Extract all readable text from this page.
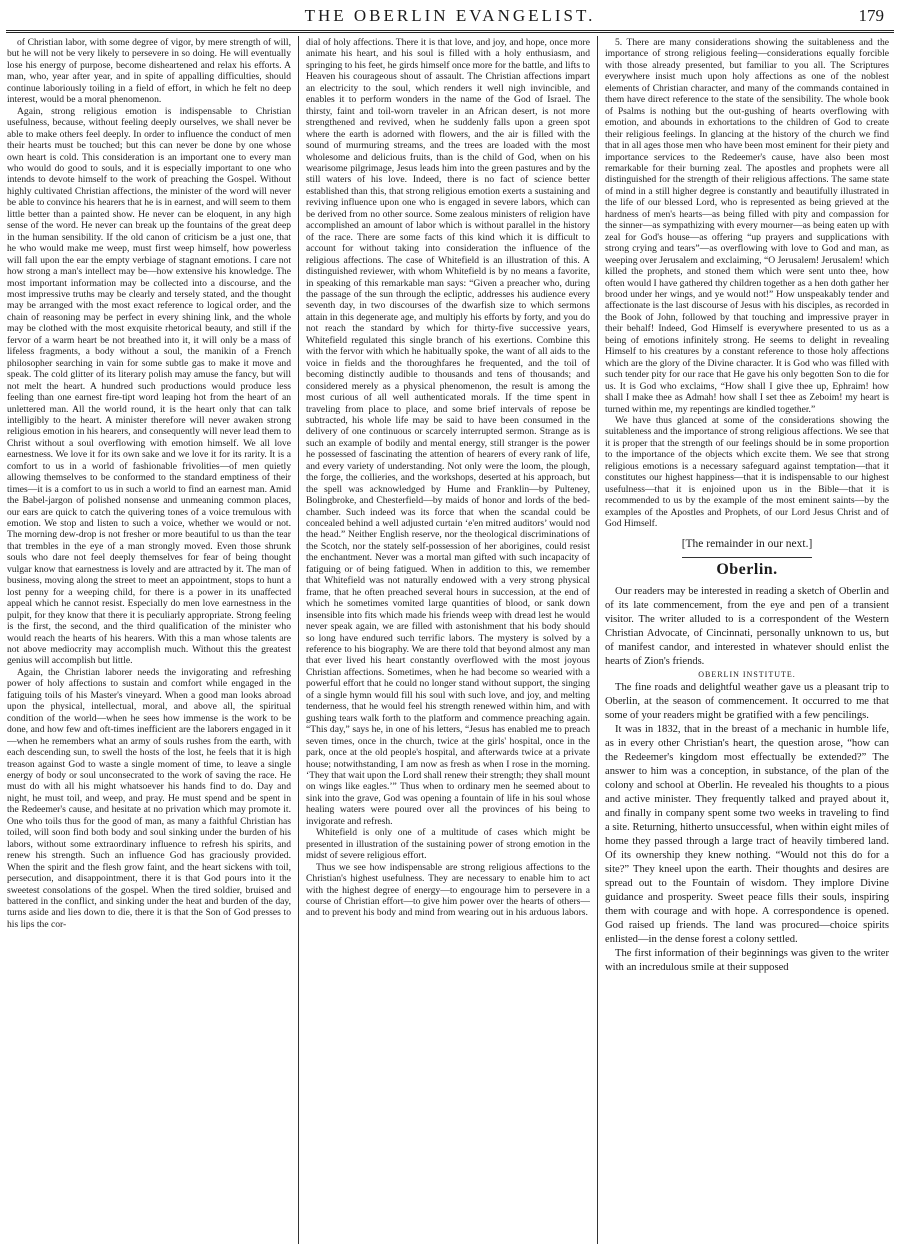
THE OBERLIN EVANGELIST.	179

of Christian labor, with some degree of vigor, by mere strength of will, but he will not be very likely to persevere in so doing. He will eventually lose his energy of purpose, become disheartened and relax his efforts. A man, who, year after year, and in spite of appalling difficulties, should continue laboriously toiling in a field of effort, in which he felt no deep interest, would be a moral phenomenon.

Again, strong religious emotion is indispensable to Christian usefulness, because, without feeling deeply ourselves, we shall never be able to make others feel deeply. In order to influence the conduct of men their hearts must be touched; but this can never be done by one whose own heart is cold. This consideration is an important one to every man who would do good to souls, and it is especially important to one who intends to devote himself to the work of preaching the Gospel. Without highly cultivated Christian affections, the minister of the word will never be able to convince his hearers that he is in earnest, and will seem to them little better than a painted show. He never can be eloquent, in any high sense of the word. He never can break up the fountains of the great deep in the human sensibility. If the old canon of criticism be a just one, that he who would make me weep, must first weep himself, how powerless will fall upon the ear the empty verbiage of stagnant emotions. I care not how strong a man's intellect may be—how extensive his knowledge. The most important information may be collected into a discourse, and the most impressive truths may be clearly and tersely stated, and the thought may be arranged with the most exact reference to logical order, and the chain of reasoning may be perfect in every shining link, and the whole may be clothed with the most exquisite rhetorical beauty, and still if the fervor of a warm heart be not breathed into it, it will only be a mass of lifeless fragments, a body without a soul, the manikin of a French philosopher searching in vain for some subtle gas to make it move and speak. The cold glitter of its literary polish may amuse the fancy, but will not melt the heart. A hundred such productions would produce less feeling than one earnest fire-tipt word leaping hot from the heart of an unlettered man. All the world round, it is the heart only that can talk intelligibly to the heart. A minister therefore will never awaken strong religious emotion in his hearers, and consequently will never lead them to Christ without a soul overflowing with emotion himself. We all love earnestness. We love it for its own sake and we love it for its rarity. It is a comfort to us in a world of fashionable frivolities—of men quietly allowing themselves to be conformed to the standard emptiness of their times—it is a comfort to us in such a world to find an earnest man. Amid the Babel-jargon of polished nonsense and unmeaning common places, our ears are quick to catch the quivering tones of a voice tremulous with emotion. We stop and listen to such a voice, whether we would or not. The morning dew-drop is not fresher or more beautiful to us than the tear that trembles in the eye of a man strongly moved. Even those shrunk souls who dare not feel deeply themselves for fear of being thought vulgar know that earnestness is lovely and are attracted by it. The man of business, moving along the street to meet an appointment, stops to hunt a lost penny for a weeping child, for there is a power in its unaffected appeal which he cannot resist. Especially do men love earnestness in the pulpit, for they know that there it is peculiarly appropriate. Strong feeling is the first, the second, and the third qualification of the minister who would reach the hearts of his hearers. With this a man whose talents are not above mediocrity may accomplish much. Without this the greatest genius will accomplish but little.

Again, the Christian laborer needs the invigorating and refreshing power of holy affections to sustain and comfort while engaged in the fatiguing toils of his Master's vineyard. When a good man looks abroad upon the physical, intellectual, moral, and above all, the spiritual condition of the world—when he sees how immense is the work to be done, and how few and oft-times inefficient are the laborers engaged in it—when he remembers what an army of souls rushes from the earth, with each descending sun, to swell the hosts of the lost, he feels that it is high treason against God to waste a single moment of time, to leave a single energy of body or soul unconsecrated to the work of saving the race. He must do with all his might whatsoever his hands find to do. Day and night, he must toil, and weep, and pray. He must spend and be spent in the Redeemer's cause, and hesitate at no privation which may promote it. One who toils thus for the good of man, as many a faithful Christian has toiled, will soon find both body and soul sinking under the burden of his labors, without some extraordinary influence to refresh his spirits, and renew his strength. Such an influence God has graciously provided. When the spirit and the flesh grow faint, and the heart sickens with toil, persecution, and disappointment, there it is that God pours into it the sweetest consolations of the gospel. When the tired soldier, bruised and battered in the conflict, and sinking under the heat and burden of the day, turns aside and lies down to die, there it is that the Son of God presses to his lips the cor-

dial of holy affections. There it is that love, and joy, and hope, once more animate his heart, and his soul is filled with a holy enthusiasm, and springing to his feet, he girds himself once more for the battle, and lifts to Heaven his courageous shout of assault. The Christian affections impart an electricity to the soul, which renders it well nigh invincible, and enables it to perform wonders in the name of the God of Israel. The thirsty, faint and toil-worn traveler in an African desert, is not more strengthened and revived, when he suddenly falls upon a green spot where the earth is adorned with flowers, and the air is filled with the sound of murmuring streams, and the trees are loaded with the most wholesome and delicious fruits, than is the child of God, when on his wearisome pilgrimage, Jesus leads him into the green pastures and by the still waters of his love. Indeed, there is no fact of science better established than this, that strong religious emotion exerts a sustaining and reviving influence upon one who is engaged in severe labors, which can be derived from no other source. Some zealous ministers of religion have accomplished an amount of labor which is without parallel in the history of the race. There are some facts of this kind which it is difficult to account for without taking into consideration the influence of the religious affections. The case of Whitefield is an illustration of this. A distinguished reviewer, with whom Whitefield is by no means a favorite, in speaking of this remarkable man says: “Given a preacher who, during the passage of the sun through the ecliptic, addresses his audience every seventh day, in two discourses of the dwarfish size to which sermons attain in this degenerate age, and multiply his efforts by forty, and you do not reach the standard by which for thirty-five successive years, Whitefield regulated this single branch of his exertions. Combine this with the fervor with which he habitually spoke, the want of all aids to the voice in fields and the thoroughfares he frequented, and the toil of becoming distinctly audible to thousands and tens of thousands; and considered merely as a physical phenomenon, the result is among the most curious of all well authenticated morals. If the time spent in traveling from place to place, and some brief intervals of repose be subtracted, his whole life may be said to have been consumed in the delivery of one continuous or scarcely interrupted sermon. Strange as is such an example of bodily and mental energy, still stranger is the power he possessed of fascinating the attention of hearers of every rank of life, and every variety of understanding. Not only were the loom, the plough, the forge, the collieries, and the workshops, deserted at his approach, but the spell was acknowledged by Hume and Franklin—by Pulteney, Bolingbroke, and Chesterfield—by maids of honor and lords of the bed-chamber. Such indeed was its force that when the scandal could be concealed behind a well adjusted curtain ‘e'en mitred auditors’ would nod the head.” Neither English reserve, nor the theological discriminations of the Scotch, nor the stately self-possession of her aborigines, could resist the enchantment. Never was a mortal man gifted with such incapacity of fatiguing or of being fatigued. When in addition to this, we remember that Whitefield was not naturally endowed with a very strong physical frame, that he often preached several hours in succession, at the end of which he sometimes vomited large quantities of blood, or sank down insensible into fits which made his friends weep with dread lest he would never speak again, we are filled with astonishment that his body should so long have endured such terrific labors. The mystery is solved by a reference to his biography. We are there told that beyond almost any man that ever lived his heart constantly overflowed with the most joyous Christian affections. Sometimes, when he had become so wearied with a powerful effort that he could no longer stand without support, the singing of a single hymn would fill his soul with such love, and joy, and melting tenderness, that he would feel his strength renewed within him, and with gushing tears walk forth to the platform and commence preaching again. “This day,” says he, in one of his letters, “Jesus has enabled me to preach seven times, once in the church, twice at the girls' hospital, once in the park, once at the old people's hospital, and afterwards twice at a private house; notwithstanding, I am now as fresh as when I rose in the morning. ‘They that wait upon the Lord shall renew their strength; they shall mount on wings like eagles.’” Thus when to ordinary men he seemed about to sink into the grave, God was opening a fountain of life in his soul whose healing waters were poured over all the provinces of his being to invigorate and refresh.

Whitefield is only one of a multitude of cases which might be presented in illustration of the sustaining power of strong emotion in the midst of severe religious effort.

Thus we see how indispensable are strong religious affections to the Christian's highest usefulness. They are necessary to enable him to act with the highest degree of energy—to engourage him to persevere in a course of Christian effort—to give him power over the hearts of others—and to prevent his body and mind from wearing out in his arduous labors.

5. There are many considerations showing the suitableness and the importance of strong religious feeling—considerations equally forcible with those already presented, but familiar to you all. The Scriptures everywhere insist much upon holy affections as one of the noblest elements of Christian character, and many of the commands contained in them have direct reference to the state of the sensibility. The whole book of Psalms is nothing but the out-gushing of hearts overflowing with emotion, and abounds in exhortations to the children of God to create their religious feelings. In glancing at the history of the church we find that in all ages those men who have been most eminent for their piety and importance services to the Redeemer's cause, have also been most remarkable for their burning zeal. The apostles and prophets were all distinguished for the strength of their religious affections. The same state of mind in a still higher degree is constantly and beautifully illustrated in the life of our blessed Lord, who is represented as being grieved at the hardness of men's hearts—as being filled with pity and compassion for the sinner—as sympathizing with every mourner—as being eaten up with zeal for God's house—as offering “up prayers and supplications with strong crying and tears”—as overflowing with love to God and man, as weeping over Jerusalem and exclaiming, “O Jerusalem! Jerusalem! which killed the prophets, and stoned them which were sent unto thee, how often would I have gathered thy children together as a hen doth gather her brood under her wings, and ye would not!” How unspeakably tender and affectionate is the last discourse of Jesus with his disciples, as recorded in the Book of John, followed by that touching and impressive prayer in their behalf! Indeed, God Himself is everywhere presented to us as a being of emotions infinitely strong. He seems to delight in revealing Himself to his creatures by a constant reference to those holy affections which are the glory of the Divine character. It is God who was filled with such tender pity for our race that He gave his only begotten Son to die for us. It is God who exclaims, “How shall I give thee up, Ephraim! how shall I make thee as Admah! how shall I set thee as Zeboim! my heart is turned within me, my repentings are kindled together.”

We have thus glanced at some of the considerations showing the suitableness and the importance of strong religious affections. We see that it is proper that the strength of our feelings should be in some proportion to the importance of the objects which excite them. We see that strong religious emotions is a necessary safeguard against temptation—that it constitutes our highest happiness—that it is indispensable to our highest usefulness—that it is enjoined upon us in the Bible—that it is recommended to us by the example of the most eminent saints—by the examples of the Apostles and Prophets, of our Lord Jesus Christ and of God Himself.

[The remainder in our next.]

Oberlin.

Our readers may be interested in reading a sketch of Oberlin and of its late commencement, from the eye and pen of a transient visitor. The writer alluded to is a correspondent of the Western Christian Advocate, of Cincinnati, personally unknown to us, but of manifest candor, and interested in whatever should enlist the hearts of Zion's friends.

OBERLIN INSTITUTE.

The fine roads and delightful weather gave us a pleasant trip to Oberlin, at the season of commencement. It occurred to me that some of your readers might be gratified with a few pencilings.

It was in 1832, that in the breast of a mechanic in humble life, as in every other Christian's heart, the question arose, “how can the Redeemer's kingdom most effectually be extended?” The answer to him was a conception, in substance, of the plan of the colony and school at Oberlin. He revealed his thoughts to a pious and active minister. They frequently talked and prayed about it, and finally in company spent some two weeks in traveling to find a site. Returning, hitherto unsuccessful, when within eight miles of home they passed through a large tract of heavily timbered land. Of its ownership they knew nothing. “Would not this do for a site?” They kneel upon the earth. Their thoughts and desires are spread out to the Fountain of wisdom. They implore Divine guidance and prosperity. Sweet peace fills their souls, inspiring them with courage and with hope. A correspondence is opened. God raised up friends. The land was procured—choice spirits enlisted—in the dense forest a colony settled.

The first information of their beginnings was given to the writer with an incredulous smile at their supposed
